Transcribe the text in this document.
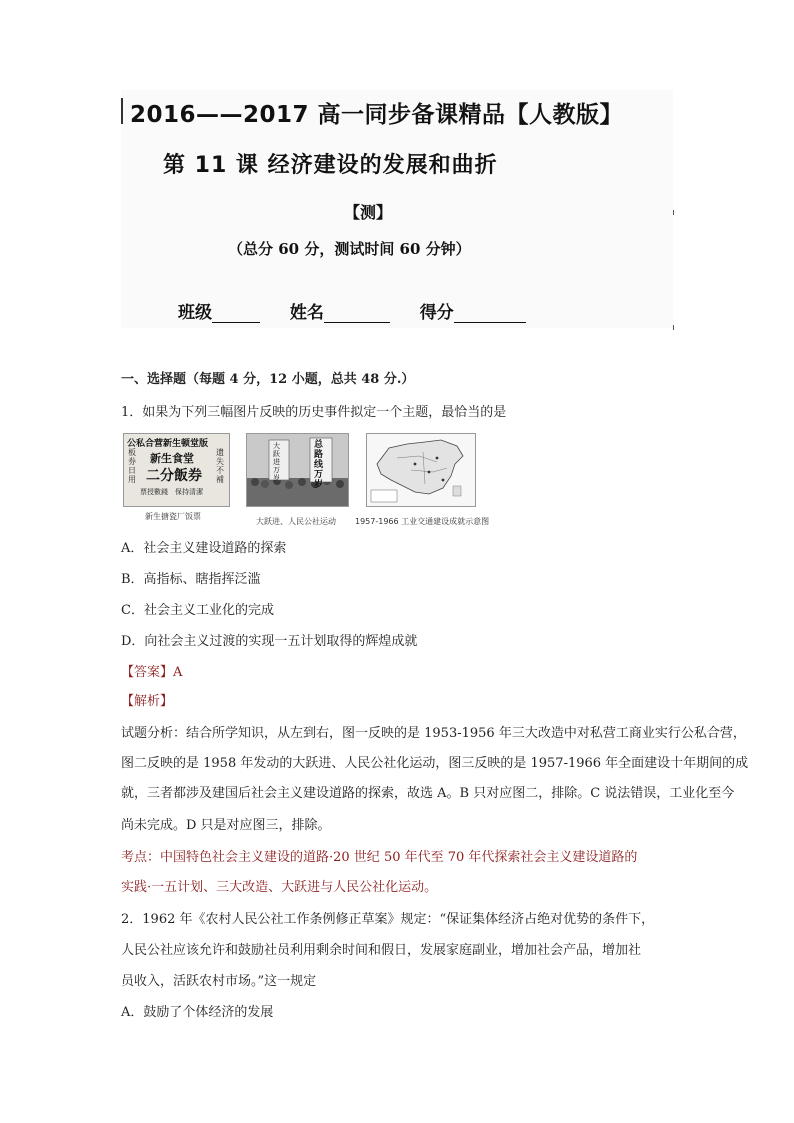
2016——2017 高一同步备课精品【人教版】
第 11 课 经济建设的发展和曲折
【测】
（总分 60 分，测试时间 60 分钟）
班级	姓名	得分
一、选择题（每题 4 分，12 小题，总共 48 分.）
1．如果为下列三幅图片反映的历史事件拟定一个主题，最恰当的是
公私合营新生顿堂版
板券日用
遗失不補
新生食堂
二分飯券
票授數錢　保持清潔
新生搪瓷厂饭票
大跃进万岁
总路线万岁
大跃进、人民公社运动 1957-1966 工业交通建设成就示意图
A．社会主义建设道路的探索
B．高指标、瞎指挥泛滥
C．社会主义工业化的完成
D．向社会主义过渡的实现一五计划取得的辉煌成就
【答案】A
【解析】
试题分析：结合所学知识，从左到右，图一反映的是 1953-1956 年三大改造中对私营工商业实行公私合营，
图二反映的是 1958 年发动的大跃进、人民公社化运动，图三反映的是 1957-1966 年全面建设十年期间的成
就，三者都涉及建国后社会主义建设道路的探索，故选 A。B 只对应图二，排除。C 说法错误，工业化至今
尚未完成。D 只是对应图三，排除。
考点：中国特色社会主义建设的道路·20 世纪 50 年代至 70 年代探索社会主义建设道路的
实践·一五计划、三大改造、大跃进与人民公社化运动。
2．1962 年《农村人民公社工作条例修正草案》规定：“保证集体经济占绝对优势的条件下，
人民公社应该允许和鼓励社员利用剩余时间和假日，发展家庭副业，增加社会产品，增加社
员收入，活跃农村市场。”这一规定
A．鼓励了个体经济的发展
